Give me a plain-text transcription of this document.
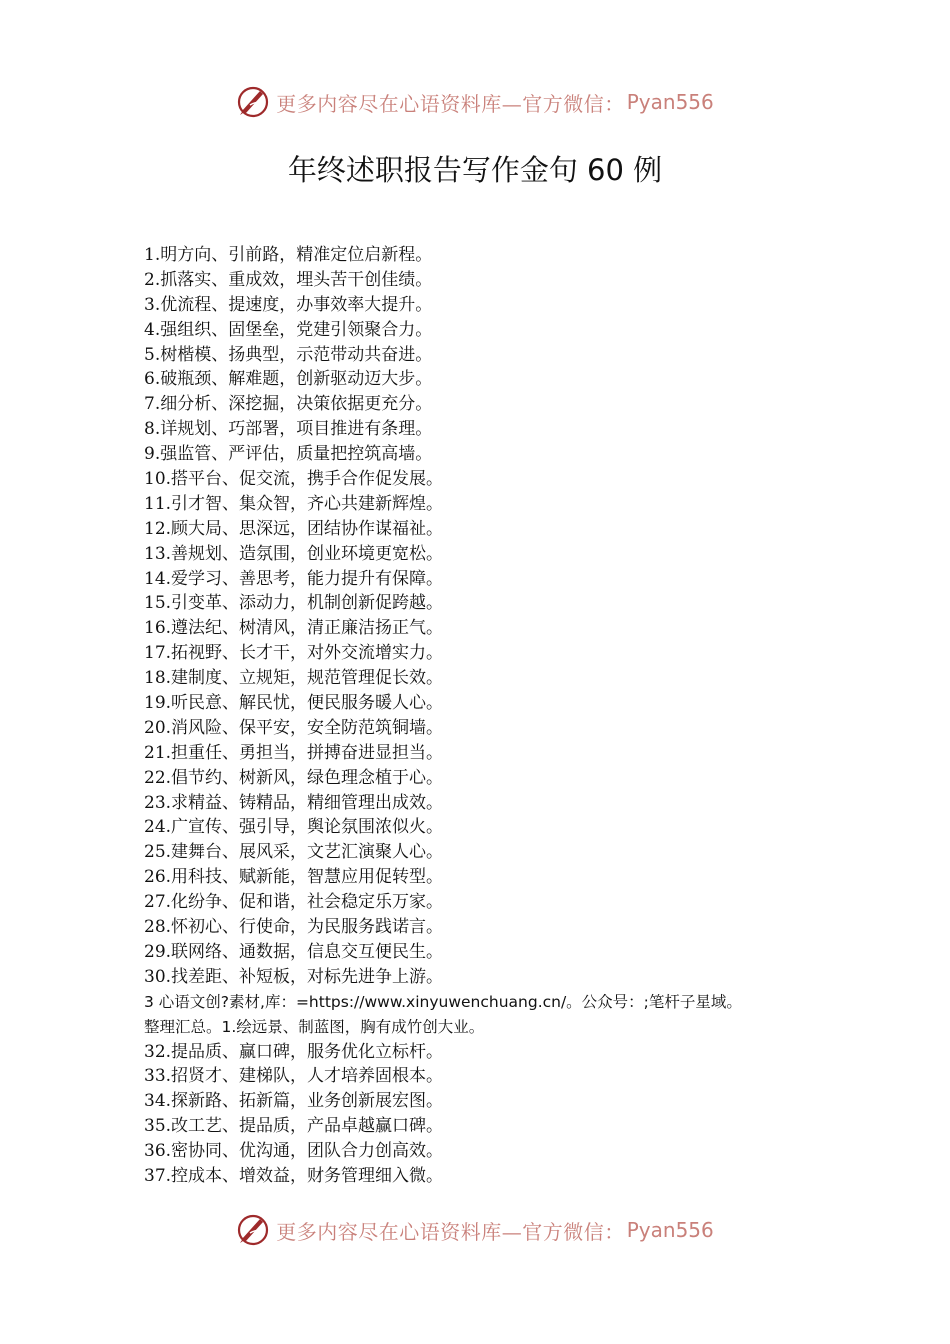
更多内容尽在心语资料库—官方微信： Pyan556
年终述职报告写作金句 60 例
1.明方向、引前路，精准定位启新程。
2.抓落实、重成效，埋头苦干创佳绩。
3.优流程、提速度，办事效率大提升。
4.强组织、固堡垒，党建引领聚合力。
5.树楷模、扬典型，示范带动共奋进。
6.破瓶颈、解难题，创新驱动迈大步。
7.细分析、深挖掘，决策依据更充分。
8.详规划、巧部署，项目推进有条理。
9.强监管、严评估，质量把控筑高墙。
10.搭平台、促交流，携手合作促发展。
11.引才智、集众智，齐心共建新辉煌。
12.顾大局、思深远，团结协作谋福祉。
13.善规划、造氛围，创业环境更宽松。
14.爱学习、善思考，能力提升有保障。
15.引变革、添动力，机制创新促跨越。
16.遵法纪、树清风，清正廉洁扬正气。
17.拓视野、长才干，对外交流增实力。
18.建制度、立规矩，规范管理促长效。
19.听民意、解民忧，便民服务暖人心。
20.消风险、保平安，安全防范筑铜墙。
21.担重任、勇担当，拼搏奋进显担当。
22.倡节约、树新风，绿色理念植于心。
23.求精益、铸精品，精细管理出成效。
24.广宣传、强引导，舆论氛围浓似火。
25.建舞台、展风采，文艺汇演聚人心。
26.用科技、赋新能，智慧应用促转型。
27.化纷争、促和谐，社会稳定乐万家。
28.怀初心、行使命，为民服务践诺言。
29.联网络、通数据，信息交互便民生。
30.找差距、补短板，对标先进争上游。
3 心语文创?素材,库：=https://www.xinyuwenchuang.cn/。公众号：;笔杆子星域。
整理汇总。1.绘远景、制蓝图，胸有成竹创大业。
32.提品质、赢口碑，服务优化立标杆。
33.招贤才、建梯队，人才培养固根本。
34.探新路、拓新篇，业务创新展宏图。
35.改工艺、提品质，产品卓越赢口碑。
36.密协同、优沟通，团队合力创高效。
37.控成本、增效益，财务管理细入微。
更多内容尽在心语资料库—官方微信： Pyan556
